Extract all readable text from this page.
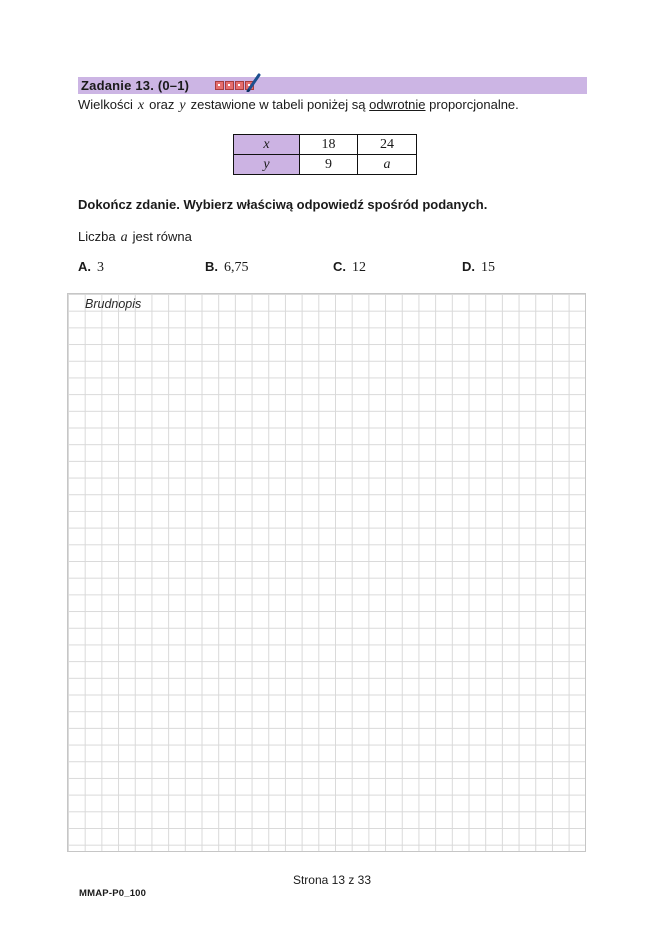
Zadanie 13. (0–1)
Wielkości x oraz y zestawione w tabeli poniżej są odwrotnie proporcjonalne.
x	18	24
y	9	a
Dokończ zdanie. Wybierz właściwą odpowiedź spośród podanych.
Liczba a jest równa
A. 3	B. 6,75	C. 12	D. 15
Brudnopis
Strona 13 z 33
MMAP-P0_100
